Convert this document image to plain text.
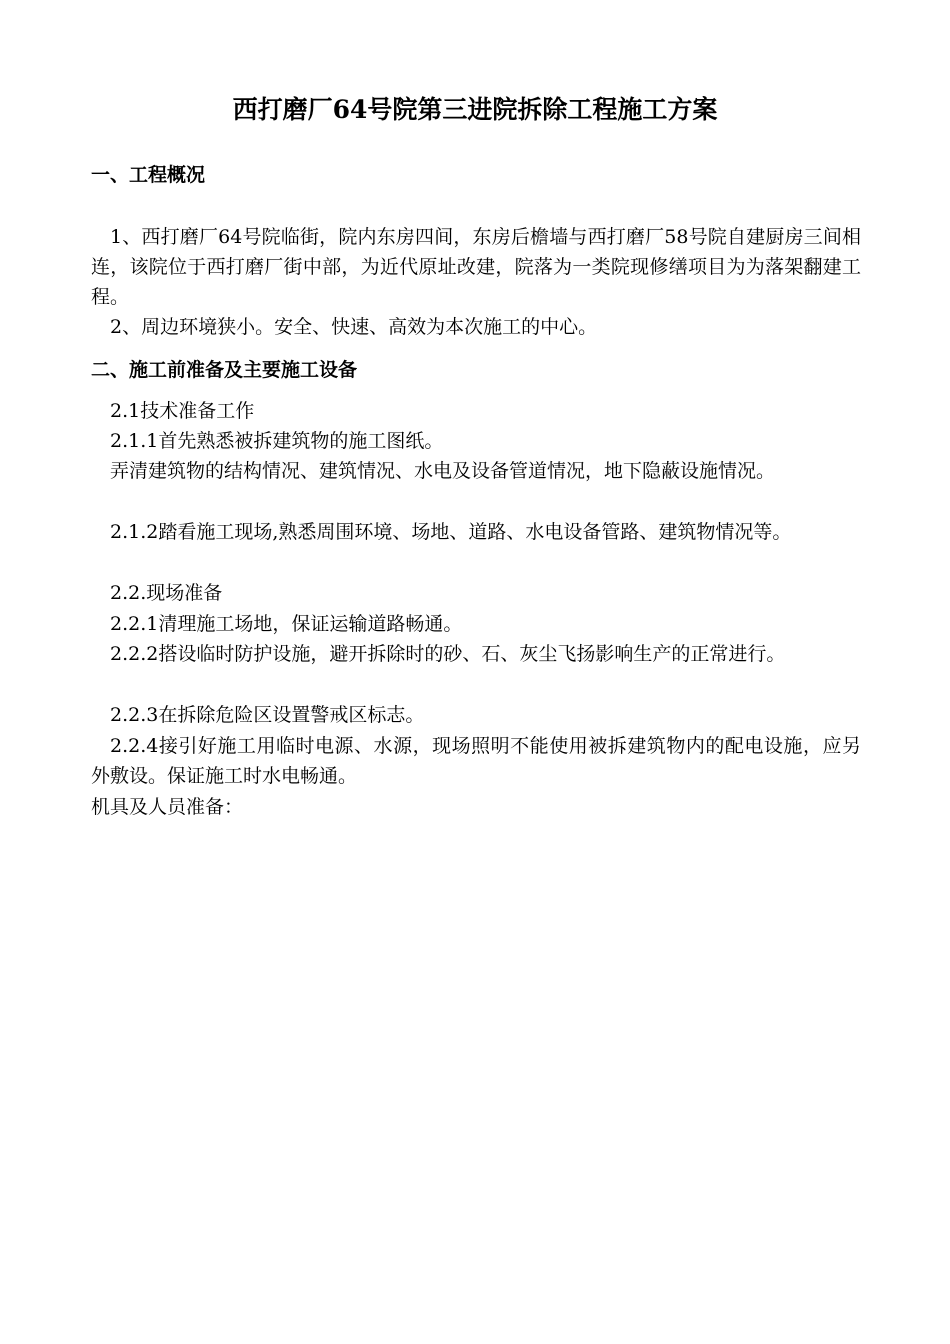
西打磨厂64号院第三进院拆除工程施工方案
一、工程概况
1、西打磨厂64号院临街，院内东房四间，东房后檐墙与西打磨厂58号院自建厨房三间相连，该院位于西打磨厂街中部，为近代原址改建，院落为一类院现修缮项目为为落架翻建工程。
2、周边环境狭小。安全、快速、高效为本次施工的中心。
二、施工前准备及主要施工设备
2.1技术准备工作
2.1.1首先熟悉被拆建筑物的施工图纸。
弄清建筑物的结构情况、建筑情况、水电及设备管道情况，地下隐蔽设施情况。
2.1.2踏看施工现场,熟悉周围环境、场地、道路、水电设备管路、建筑物情况等。
2.2.现场准备
2.2.1清理施工场地，保证运输道路畅通。
2.2.2搭设临时防护设施，避开拆除时的砂、石、灰尘飞扬影响生产的正常进行。
2.2.3在拆除危险区设置警戒区标志。
2.2.4接引好施工用临时电源、水源，现场照明不能使用被拆建筑物内的配电设施，应另外敷设。保证施工时水电畅通。
机具及人员准备：
